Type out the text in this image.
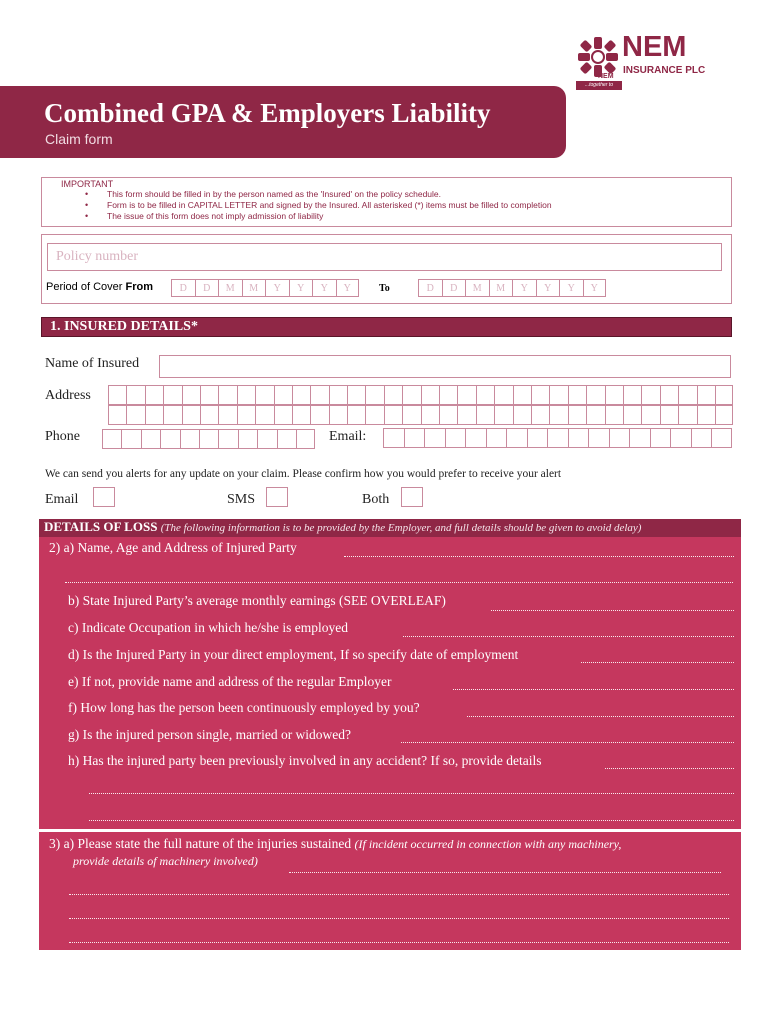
NEM
INSURANCE PLC
NEM
...together to succeed
Combined GPA & Employers Liability
Claim form
IMPORTANT
• This form should be filled in by the person named as the 'Insured' on the policy schedule.
• Form is to be filled in CAPITAL LETTER and signed by the Insured. All asterisked (*) items must be filled to completion
• The issue of this form does not imply admission of liability
Policy number
Period of Cover From	D	D	M	M	Y	Y	Y	Y	To	D	D	M	M	Y	Y	Y	Y
1. INSURED DETAILS*
Name of Insured
Address
Phone	Email:
We can send you alerts for any update on your claim. Please confirm how you would prefer to receive your alert
Email	SMS	Both
DETAILS OF LOSS (The following information is to be provided by the Employer, and full details should be given to avoid delay)
2) a) Name, Age and Address of Injured Party
b) State Injured Party’s average monthly earnings (SEE OVERLEAF)
c) Indicate Occupation in which he/she is employed
d) Is the Injured Party in your direct employment, If so specify date of employment
e) If not, provide name and address of the regular Employer
f) How long has the person been continuously employed by you?
g) Is the injured person single, married or widowed?
h) Has the injured party been previously involved in any accident? If so, provide details
3) a) Please state the full nature of the injuries sustained (If incident occurred in connection with any machinery,
provide details of machinery involved)
